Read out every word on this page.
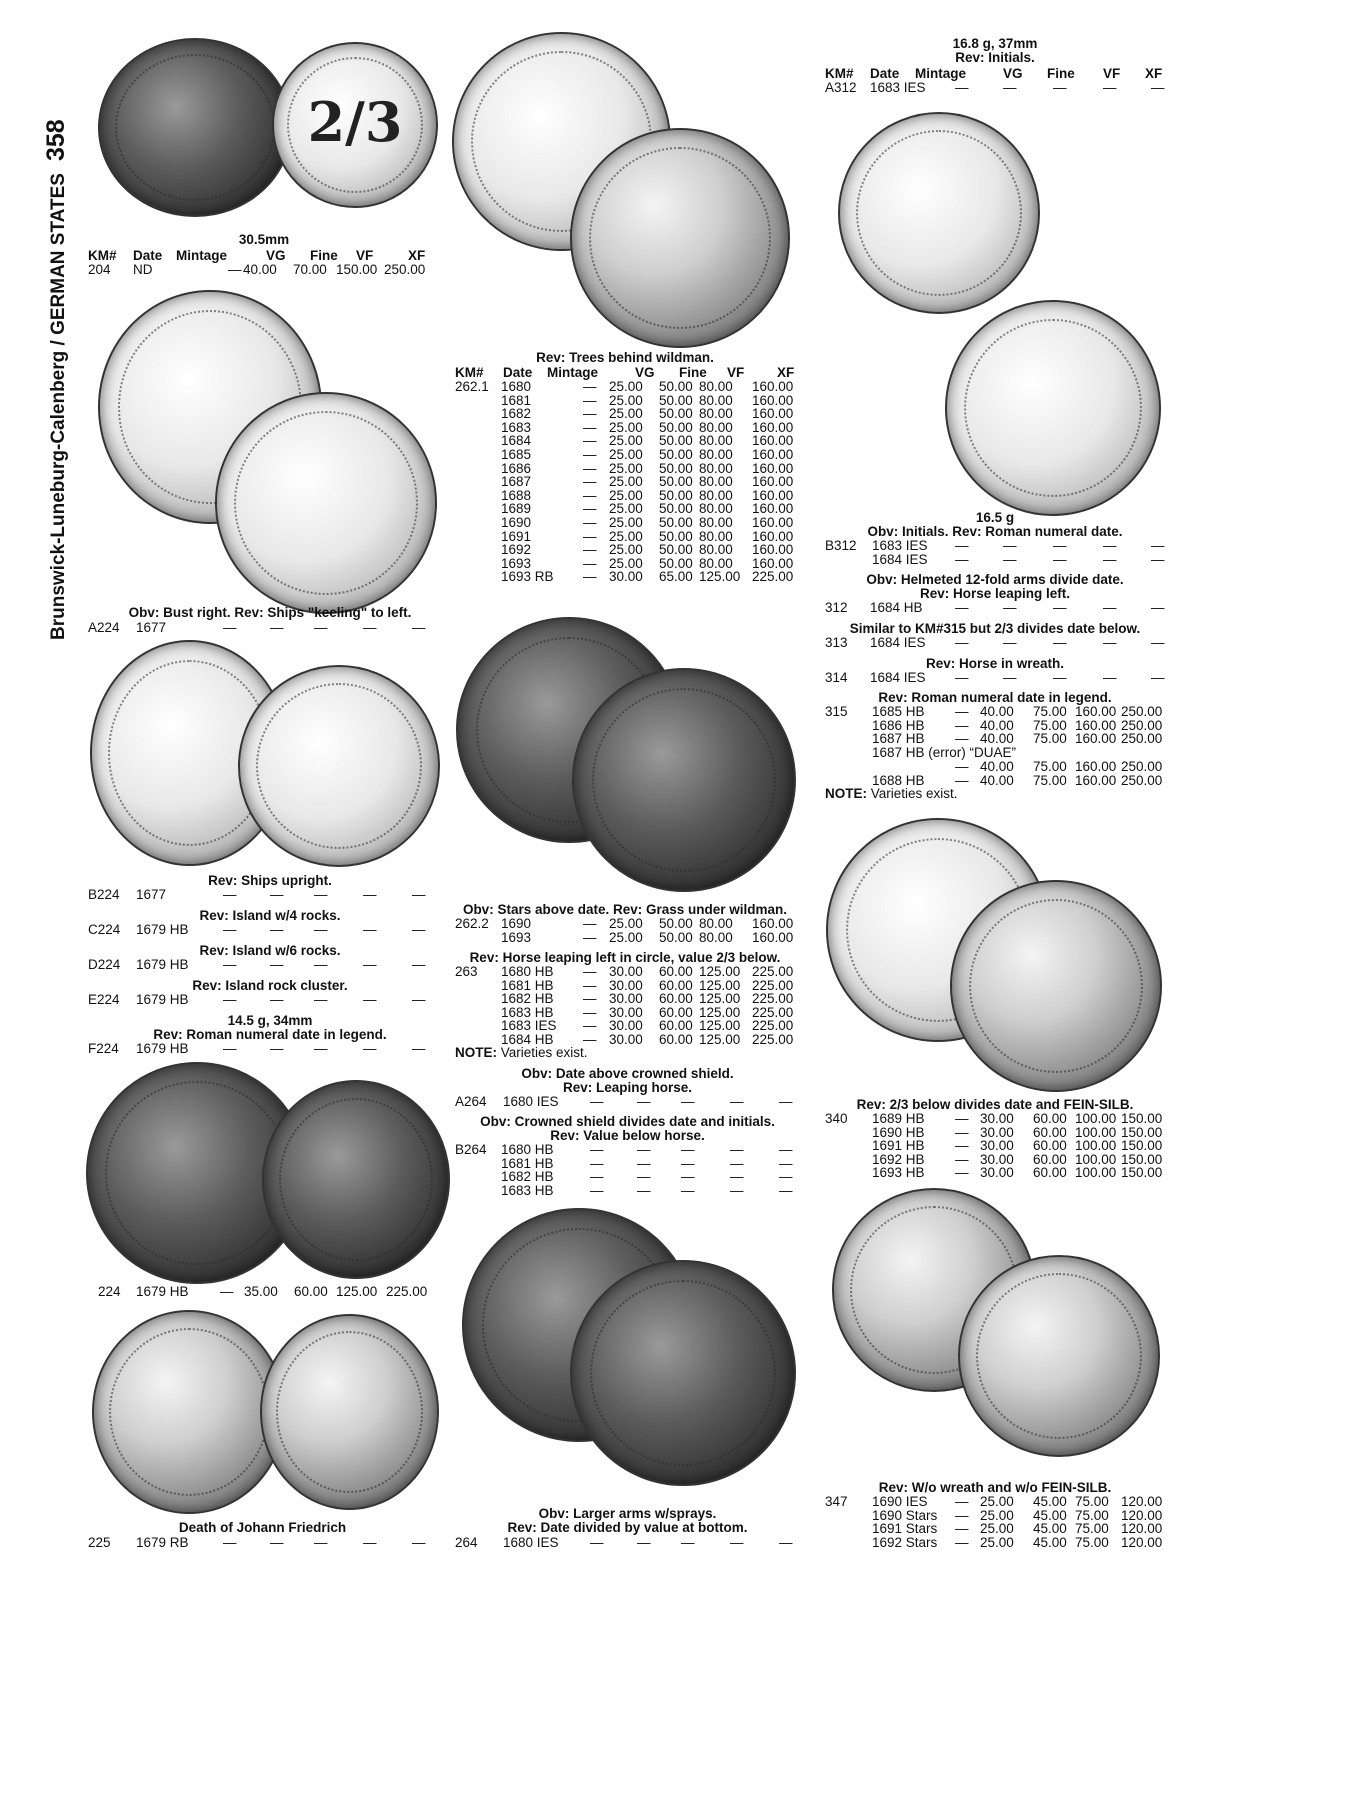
Brunswick-Luneburg-Calenberg / GERMAN STATES358	2/3
30.5mm
KM# Date Mintage	VG Fine VF	XF
204 ND	— 40.00 70.00 150.00 250.00
Obv: Bust right. Rev: Ships "keeling" to left.
A224 1677	— — —	—	—
Rev: Ships upright.
B224 1677	— — —	—	—
Rev: Island w/4 rocks.
C224 1679 HB	— — —	—	—
Rev: Island w/6 rocks.
D224 1679 HB	— — —	—	—
Rev: Island rock cluster.
E224 1679 HB	— — —	—	—
14.5 g, 34mm
Rev: Roman numeral date in legend.
F224 1679 HB	— — —	—	—
224 1679 HB — 35.00 60.00 125.00 225.00
Death of Johann Friedrich
225 1679 RB	— — —	—	—
Rev: Trees behind wildman.
KM# Date Mintage	VG Fine VF XF
262.1 1680	— 25.00 50.00 80.00 160.00
1681	— 25.00 50.00 80.00 160.00
1682	— 25.00 50.00 80.00 160.00
1683	— 25.00 50.00 80.00 160.00
1684	— 25.00 50.00 80.00 160.00
1685	— 25.00 50.00 80.00 160.00
1686	— 25.00 50.00 80.00 160.00
1687	— 25.00 50.00 80.00 160.00
1688	— 25.00 50.00 80.00 160.00
1689	— 25.00 50.00 80.00 160.00
1690	— 25.00 50.00 80.00 160.00
1691	— 25.00 50.00 80.00 160.00
1692	— 25.00 50.00 80.00 160.00
1693	— 25.00 50.00 80.00 160.00
1693 RB — 30.00 65.00 125.00 225.00
Obv: Stars above date. Rev: Grass under wildman.
262.2 1690	— 25.00 50.00 80.00 160.00
1693	— 25.00 50.00 80.00 160.00
Rev: Horse leaping left in circle, value 2/3 below.
263 1680 HB — 30.00 60.00 125.00 225.00
1681 HB — 30.00 60.00 125.00 225.00
1682 HB — 30.00 60.00 125.00 225.00
1683 HB — 30.00 60.00 125.00 225.00
1683 IES — 30.00 60.00 125.00 225.00
1684 HB — 30.00 60.00 125.00 225.00
NOTE: Varieties exist.
Obv: Date above crowned shield.
Rev: Leaping horse.
A264 1680 IES — — —	—	—
Obv: Crowned shield divides date and initials.
Rev: Value below horse.
B264 1680 HB	— — —	—	—
1681 HB	— — —	—	—
1682 HB	— — —	—	—
1683 HB	— — —	—	—
Obv: Larger arms w/sprays.
Rev: Date divided by value at bottom.
264 1680 IES — — —	—	—
16.8 g, 37mm
Rev: Initials.
KM# Date Mintage	VG Fine VF XF
A312 1683 IES —	—	—	—	—
16.5 g
Obv: Initials. Rev: Roman numeral date.
B312 1683 IES —	—	—	—	—
1684 IES —	—	—	—	—
Obv: Helmeted 12-fold arms divide date.
Rev: Horse leaping left.
312 1684 HB —	—	—	—	—
Similar to KM#315 but 2/3 divides date below.
313 1684 IES —	—	—	—	—
Rev: Horse in wreath.
314 1684 IES —	—	—	—	—
Rev: Roman numeral date in legend.
315 1685 HB — 40.00 75.00 160.00 250.00
1686 HB — 40.00 75.00 160.00 250.00
1687 HB — 40.00 75.00 160.00 250.00
1687 HB (error) “DUAE”
— 40.00 75.00 160.00 250.00
1688 HB — 40.00 75.00 160.00 250.00
NOTE: Varieties exist.
Rev: 2/3 below divides date and FEIN-SILB.
340 1689 HB — 30.00 60.00 100.00 150.00
1690 HB — 30.00 60.00 100.00 150.00
1691 HB — 30.00 60.00 100.00 150.00
1692 HB — 30.00 60.00 100.00 150.00
1693 HB — 30.00 60.00 100.00 150.00
Rev: W/o wreath and w/o FEIN-SILB.
347 1690 IES — 25.00 45.00 75.00 120.00
1690 Stars — 25.00 45.00 75.00 120.00
1691 Stars — 25.00 45.00 75.00 120.00
1692 Stars — 25.00 45.00 75.00 120.00
